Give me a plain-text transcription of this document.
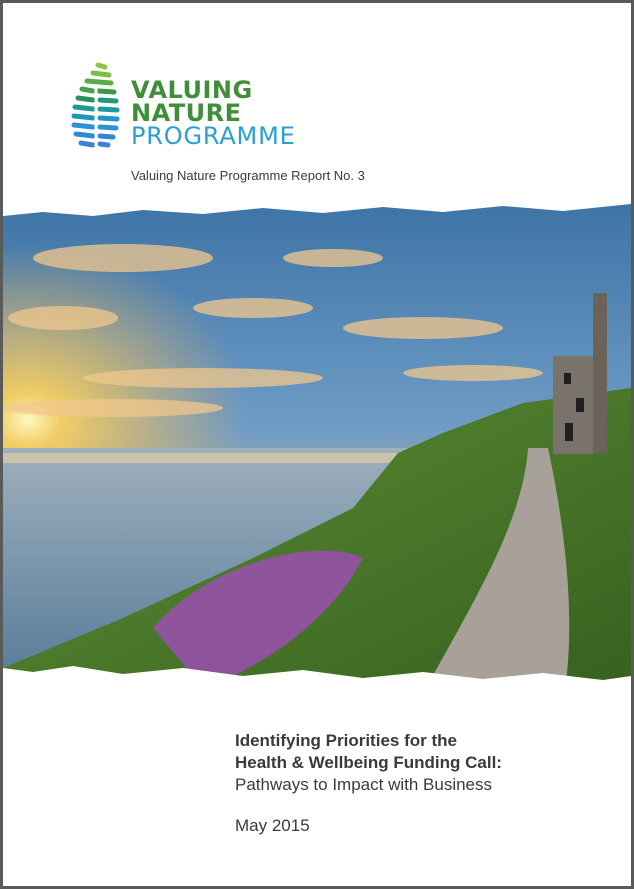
VALUING
NATURE
PROGRAMME
Valuing Nature Programme Report No. 3
Identifying Priorities for the
Health & Wellbeing Funding Call:
Pathways to Impact with Business
May 2015
